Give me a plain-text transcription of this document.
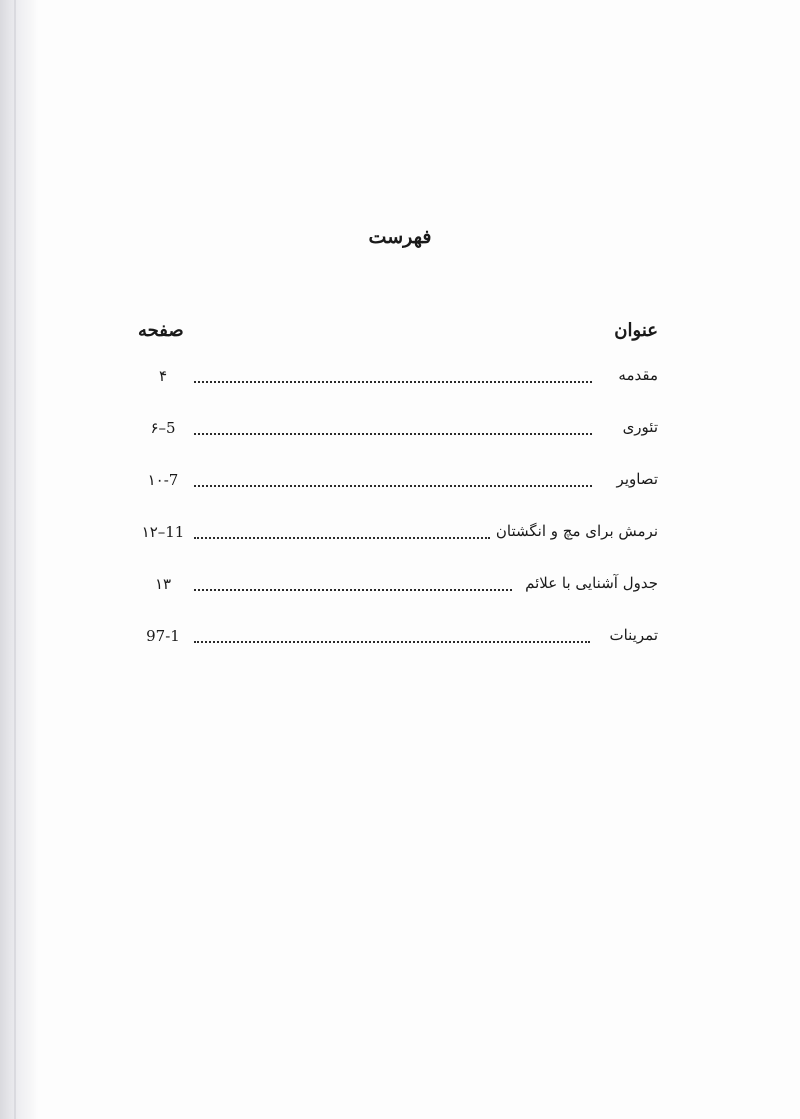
فهرست
عنوان
صفحه
مقدمه
۴
تئوری
۶–5
تصاویر
۱۰-7
نرمش برای مچ و انگشتان
۱۲–11
جدول آشنایی با علائم
۱۳
تمرینات
97-1
